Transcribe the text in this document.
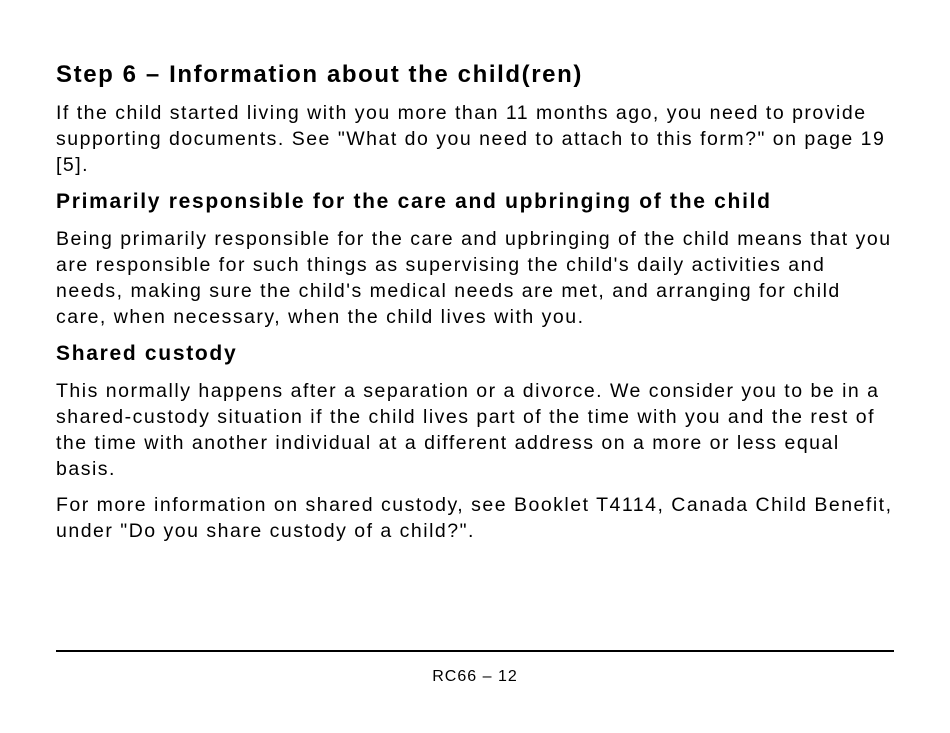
Step 6 – Information about the child(ren)

If the child started living with you more than 11 months ago, you need to provide supporting documents. See "What do you need to attach to this form?" on page 19 [5].

Primarily responsible for the care and upbringing of the child

Being primarily responsible for the care and upbringing of the child means that you are responsible for such things as supervising the child's daily activities and needs, making sure the child's medical needs are met, and arranging for child care, when necessary, when the child lives with you.

Shared custody

This normally happens after a separation or a divorce. We consider you to be in a shared-custody situation if the child lives part of the time with you and the rest of the time with another individual at a different address on a more or less equal basis.

For more information on shared custody, see Booklet T4114, Canada Child Benefit, under "Do you share custody of a child?".

RC66 – 12
